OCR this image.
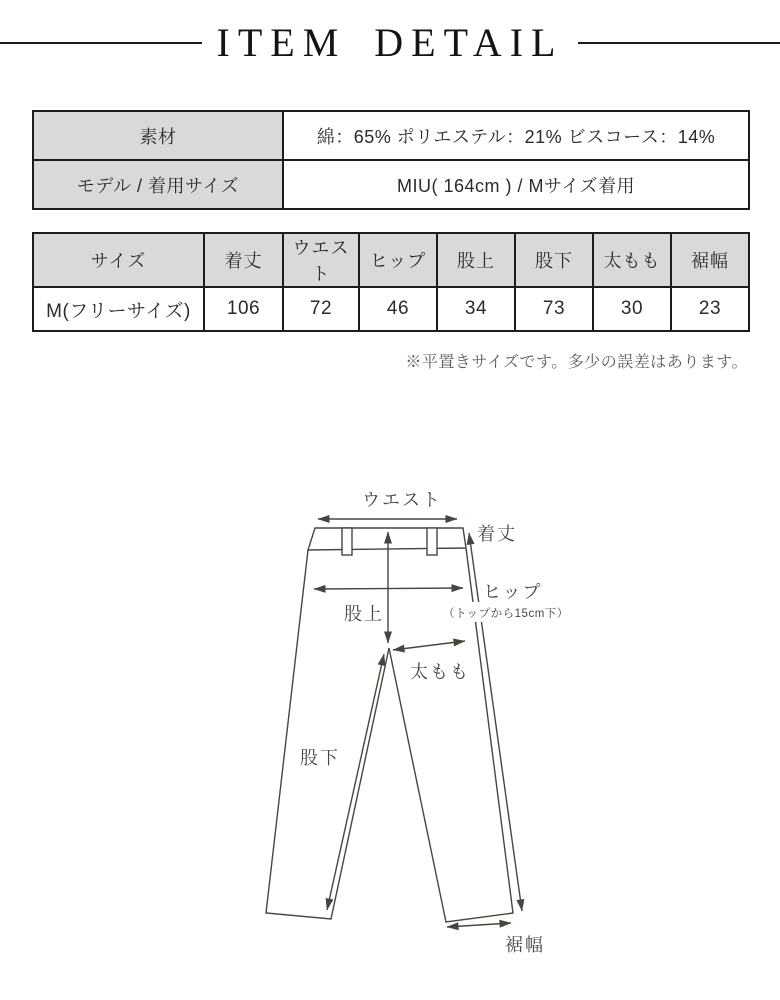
ITEM DETAIL
素材	綿：65% ポリエステル：21% ビスコース：14%
モデル / 着用サイズ	MIU( 164cm ) / Mサイズ着用
サイズ	着丈	ウエスト	ヒップ	股上	股下	太もも	裾幅
M(フリーサイズ)	106	72	46	34	73	30	23
※平置きサイズです。多少の誤差はあります。
ウエスト
着丈
ヒップ
（トップから15cm下）
股上
太もも
股下
裾幅
